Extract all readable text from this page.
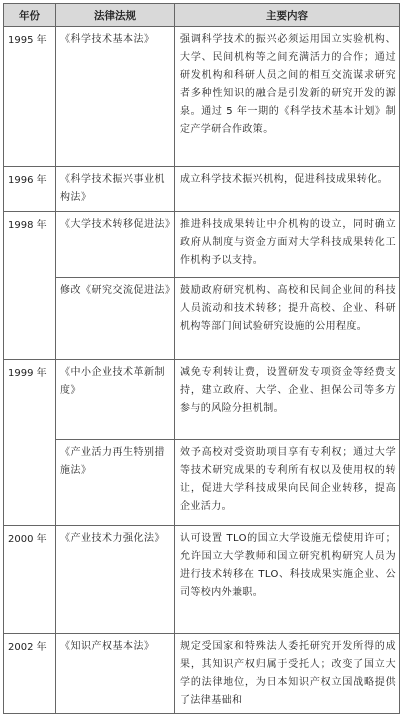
年份	法律法规	主要内容
1995 年	《科学技术基本法》	强调科学技术的振兴必须运用国立实验机构、大学、民间机构等之间充满活力的合作；通过研发机构和科研人员之间的相互交流谋求研究者多种性知识的融合是引发新的研究开发的源泉。通过 5 年一期的《科学技术基本计划》制定产学研合作政策。
1996 年	《科学技术振兴事业机构法》	成立科学技术振兴机构，促进科技成果转化。
1998 年	《大学技术转移促进法》	推进科技成果转让中介机构的设立，同时确立政府从制度与资金方面对大学科技成果转化工作机构予以支持。
	修改《研究交流促进法》	鼓励政府研究机构、高校和民间企业间的科技人员流动和技术转移；提升高校、企业、科研机构等部门间试验研究设施的公用程度。
1999 年	《中小企业技术革新制度》	减免专利转让费，设置研发专项资金等经费支持，建立政府、大学、企业、担保公司等多方参与的风险分担机制。
	《产业活力再生特别措施法》	效予高校对受资助项目享有专利权；通过大学等技术研究成果的专利所有权以及使用权的转让，促进大学科技成果向民间企业转移，提高企业活力。
2000 年	《产业技术力强化法》	认可设置 TLO的国立大学设施无偿使用许可；允许国立大学教师和国立研究机构研究人员为进行技术转移在 TLO、科技成果实施企业、公司等校内外兼职。
2002 年	《知识产权基本法》	规定受国家和特殊法人委托研究开发所得的成果，其知识产权归属于受托人；改变了国立大学的法律地位，为日本知识产权立国战略提供了法律基础和
